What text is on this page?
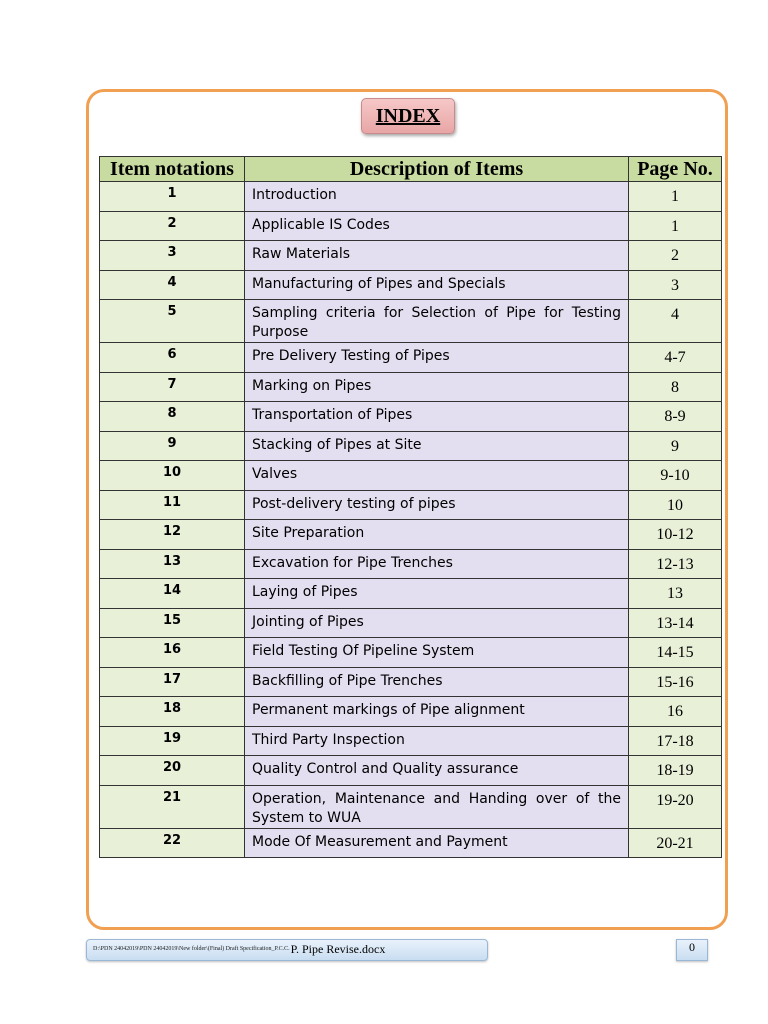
INDEX
Item notations	Description of Items	Page No.
1	Introduction	1
2	Applicable IS Codes	1
3	Raw Materials	2
4	Manufacturing of Pipes and Specials	3
5	Sampling criteria for Selection of Pipe for Testing Purpose	4
6	Pre Delivery Testing of Pipes	4-7
7	Marking on Pipes	8
8	Transportation of Pipes	8-9
9	Stacking of Pipes at Site	9
10	Valves	9-10
11	Post-delivery testing of pipes	10
12	Site Preparation	10-12
13	Excavation for Pipe Trenches	12-13
14	Laying of Pipes	13
15	Jointing of Pipes	13-14
16	Field Testing Of Pipeline System	14-15
17	Backfilling of Pipe Trenches	15-16
18	Permanent markings of Pipe alignment	16
19	Third Party Inspection	17-18
20	Quality Control and Quality assurance	18-19
21	Operation, Maintenance and Handing over of the System to WUA	19-20
22	Mode Of Measurement and Payment	20-21
D:\PDN 24042019\PDN 24042019\New folder\(Final) Draft Specification_P.C.C. P. Pipe Revise.docx	0
